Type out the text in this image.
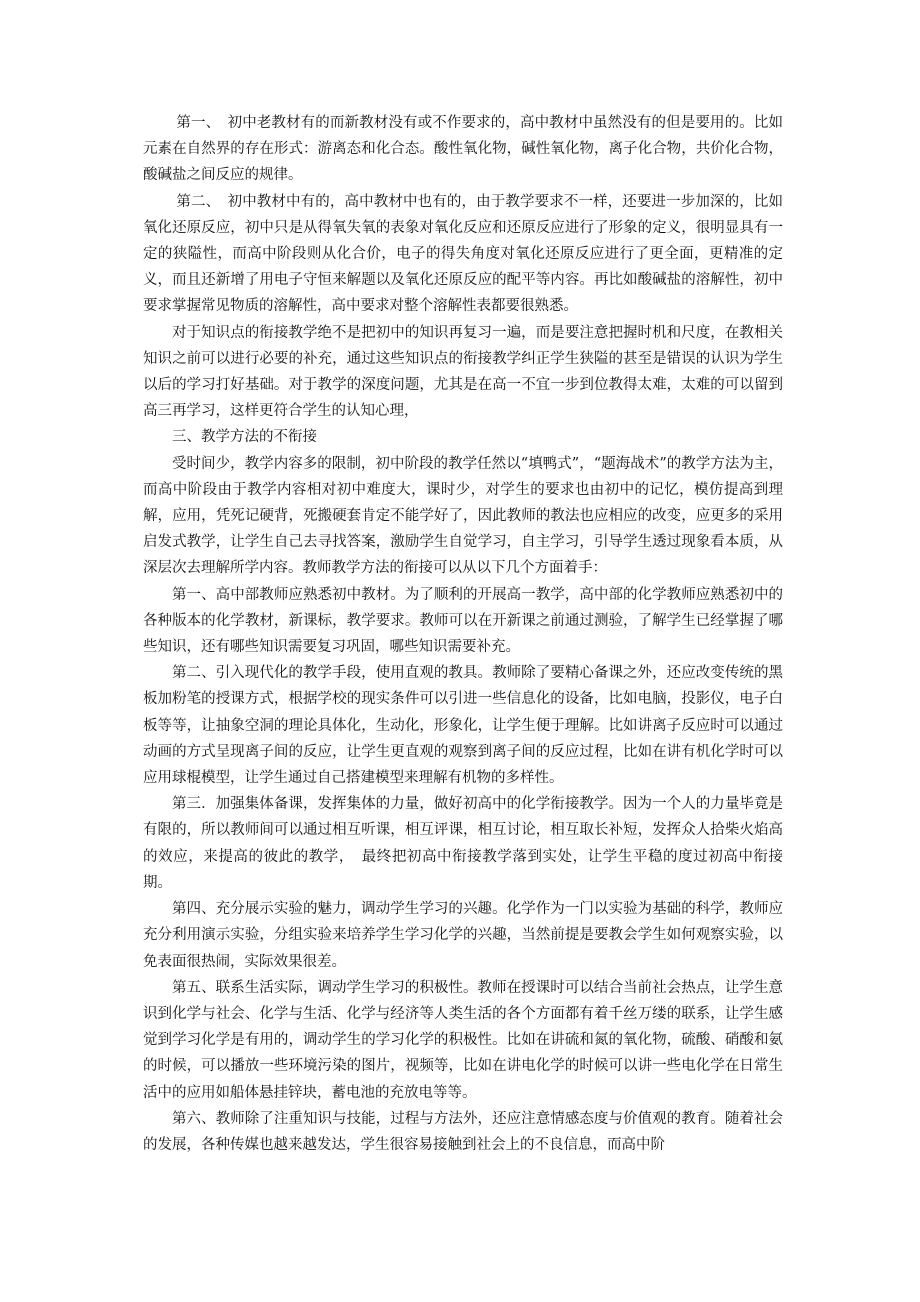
第一、　初中老教材有的而新教材没有或不作要求的，高中教材中虽然没有的但是要用的。比如元素在自然界的存在形式：游离态和化合态。酸性氧化物，碱性氧化物，离子化合物，共价化合物，酸碱盐之间反应的规律。

第二、　初中教材中有的，高中教材中也有的，由于教学要求不一样，还要进一步加深的，比如氧化还原反应，初中只是从得氧失氧的表象对氧化反应和还原反应进行了形象的定义，很明显具有一定的狭隘性，而高中阶段则从化合价，电子的得失角度对氧化还原反应进行了更全面，更精准的定义，而且还新增了用电子守恒来解题以及氧化还原反应的配平等内容。再比如酸碱盐的溶解性，初中要求掌握常见物质的溶解性，高中要求对整个溶解性表都要很熟悉。

对于知识点的衔接教学绝不是把初中的知识再复习一遍，而是要注意把握时机和尺度，在教相关知识之前可以进行必要的补充，通过这些知识点的衔接教学纠正学生狭隘的甚至是错误的认识为学生以后的学习打好基础。对于教学的深度问题，尤其是在高一不宜一步到位教得太难，太难的可以留到高三再学习，这样更符合学生的认知心理，

三、教学方法的不衔接

受时间少，教学内容多的限制，初中阶段的教学任然以“填鸭式”，“题海战术”的教学方法为主，而高中阶段由于教学内容相对初中难度大，课时少，对学生的要求也由初中的记忆，模仿提高到理解，应用，凭死记硬背，死搬硬套肯定不能学好了，因此教师的教法也应相应的改变，应更多的采用启发式教学，让学生自己去寻找答案，激励学生自觉学习，自主学习，引导学生透过现象看本质，从深层次去理解所学内容。教师教学方法的衔接可以从以下几个方面着手：

第一、高中部教师应熟悉初中教材。为了顺利的开展高一教学，高中部的化学教师应熟悉初中的各种版本的化学教材，新课标，教学要求。教师可以在开新课之前通过测验，了解学生已经掌握了哪些知识，还有哪些知识需要复习巩固，哪些知识需要补充。

第二、引入现代化的教学手段，使用直观的教具。教师除了要精心备课之外，还应改变传统的黑板加粉笔的授课方式，根据学校的现实条件可以引进一些信息化的设备，比如电脑，投影仪，电子白板等等，让抽象空洞的理论具体化，生动化，形象化，让学生便于理解。比如讲离子反应时可以通过动画的方式呈现离子间的反应，让学生更直观的观察到离子间的反应过程，比如在讲有机化学时可以应用球棍模型，让学生通过自己搭建模型来理解有机物的多样性。

第三．加强集体备课，发挥集体的力量，做好初高中的化学衔接教学。因为一个人的力量毕竟是有限的，所以教师间可以通过相互听课，相互评课，相互讨论，相互取长补短，发挥众人拾柴火焰高的效应，来提高的彼此的教学，　最终把初高中衔接教学落到实处，让学生平稳的度过初高中衔接期。

第四、充分展示实验的魅力，调动学生学习的兴趣。化学作为一门以实验为基础的科学，教师应充分利用演示实验，分组实验来培养学生学习化学的兴趣，当然前提是要教会学生如何观察实验，以免表面很热闹，实际效果很差。

第五、联系生活实际，调动学生学习的积极性。教师在授课时可以结合当前社会热点，让学生意识到化学与社会、化学与生活、化学与经济等人类生活的各个方面都有着千丝万缕的联系，让学生感觉到学习化学是有用的，调动学生的学习化学的积极性。比如在讲硫和氮的氧化物，硫酸、硝酸和氨的时候，可以播放一些环境污染的图片，视频等，比如在讲电化学的时候可以讲一些电化学在日常生活中的应用如船体悬挂锌块，蓄电池的充放电等等。

第六、教师除了注重知识与技能，过程与方法外，还应注意情感态度与价值观的教育。随着社会的发展，各种传媒也越来越发达，学生很容易接触到社会上的不良信息，而高中阶
